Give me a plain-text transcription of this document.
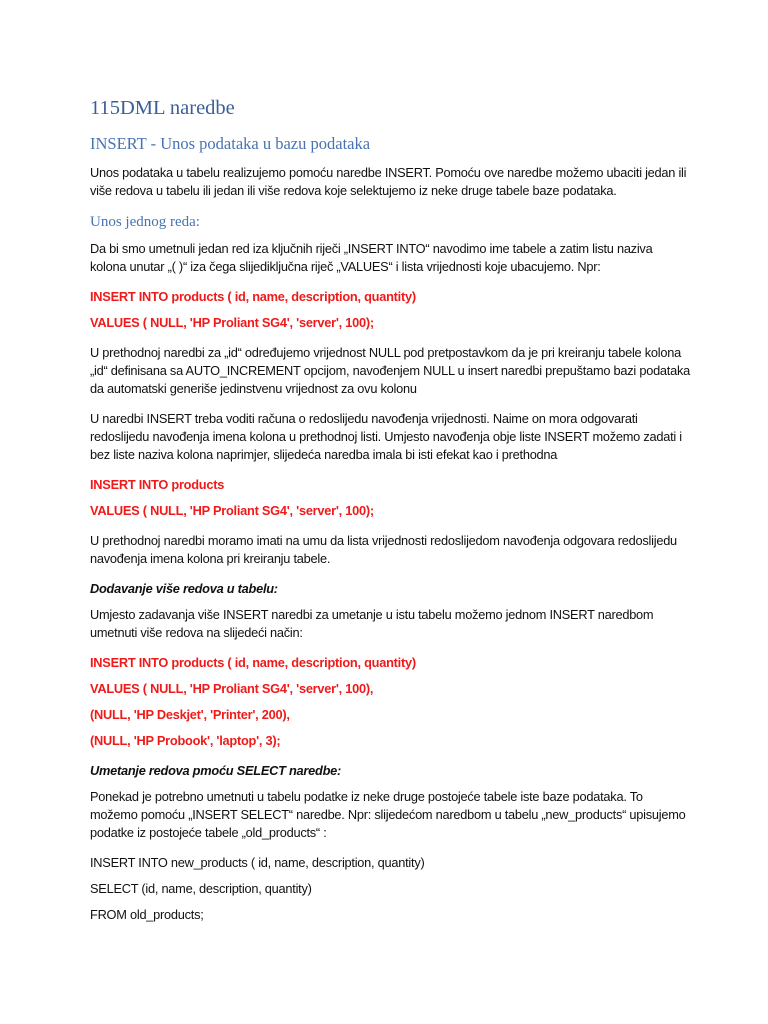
115DML naredbe
INSERT - Unos podataka u bazu podataka

Unos podataka u tabelu realizujemo pomoću naredbe INSERT. Pomoću ove naredbe možemo ubaciti jedan ili više redova u tabelu ili jedan ili više redova koje selektujemo iz neke druge tabele baze podataka.

Unos jednog reda:

Da bi smo umetnuli jedan red iza ključnih riječi „INSERT INTO“ navodimo ime tabele a zatim listu naziva kolona unutar „( )“ iza čega slijediključna riječ „VALUES“ i lista vrijednosti koje ubacujemo. Npr:

INSERT INTO products ( id, name, description, quantity)

VALUES ( NULL, 'HP Proliant SG4', 'server', 100);

U prethodnoj naredbi za „id“ određujemo vrijednost NULL pod pretpostavkom da je pri kreiranju tabele kolona „id“ definisana sa AUTO_INCREMENT opcijom, navođenjem NULL u insert naredbi prepuštamo bazi podataka da automatski generiše jedinstvenu vrijednost za ovu kolonu

U naredbi INSERT treba voditi računa o redoslijedu navođenja vrijednosti. Naime on mora odgovarati redoslijedu navođenja imena kolona u prethodnoj listi. Umjesto navođenja obje liste INSERT možemo zadati i bez liste naziva kolona naprimjer, slijedeća naredba imala bi isti efekat kao i prethodna

INSERT INTO products

VALUES ( NULL, 'HP Proliant SG4', 'server', 100);

U prethodnoj naredbi moramo imati na umu da lista vrijednosti redoslijedom navođenja odgovara redoslijedu navođenja imena kolona pri kreiranju tabele.

Dodavanje više redova u tabelu:

Umjesto zadavanja više INSERT naredbi za umetanje u istu tabelu možemo jednom INSERT naredbom umetnuti više redova na slijedeći način:

INSERT INTO products ( id, name, description, quantity)

VALUES ( NULL, 'HP Proliant SG4', 'server', 100),

(NULL, 'HP Deskjet', 'Printer', 200),

(NULL, 'HP Probook', 'laptop', 3);

Umetanje redova pmoću SELECT naredbe:

Ponekad je potrebno umetnuti u tabelu podatke iz neke druge postojeće tabele iste baze podataka. To možemo pomoću „INSERT SELECT“ naredbe. Npr: slijedećom naredbom u tabelu „new_products“ upisujemo podatke iz postojeće tabele „old_products“ :

INSERT INTO new_products ( id, name, description, quantity)

SELECT (id, name, description, quantity)

FROM old_products;
